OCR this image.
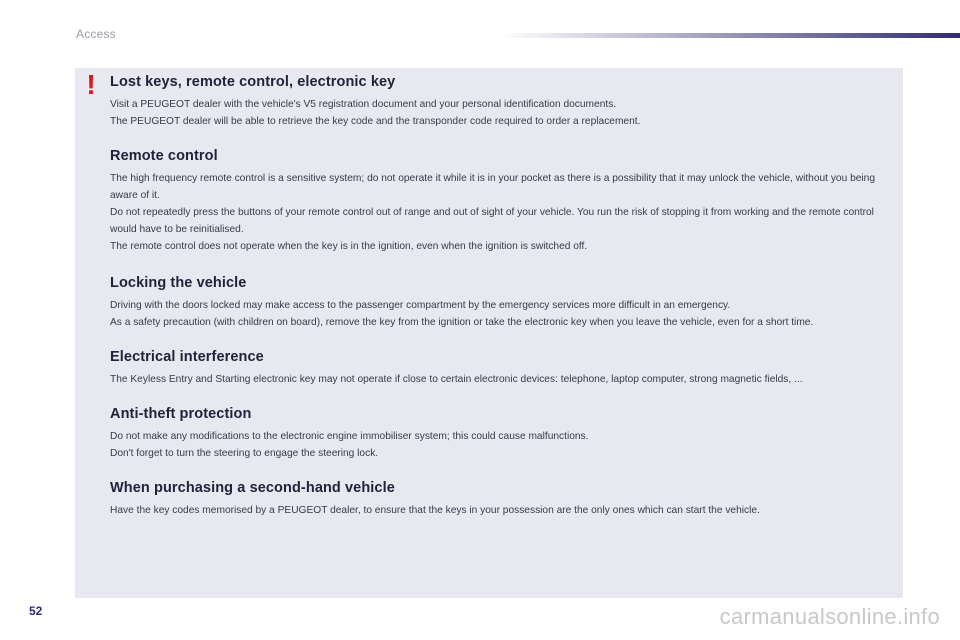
Access
! Lost keys, remote control, electronic key

Visit a PEUGEOT dealer with the vehicle's V5 registration document and your personal identification documents.

The PEUGEOT dealer will be able to retrieve the key code and the transponder code required to order a replacement.

Remote control

The high frequency remote control is a sensitive system; do not operate it while it is in your pocket as there is a possibility that it may unlock the vehicle, without you being aware of it.

Do not repeatedly press the buttons of your remote control out of range and out of sight of your vehicle. You run the risk of stopping it from working and the remote control would have to be reinitialised.

The remote control does not operate when the key is in the ignition, even when the ignition is switched off.

Locking the vehicle

Driving with the doors locked may make access to the passenger compartment by the emergency services more difficult in an emergency.

As a safety precaution (with children on board), remove the key from the ignition or take the electronic key when you leave the vehicle, even for a short time.

Electrical interference

The Keyless Entry and Starting electronic key may not operate if close to certain electronic devices: telephone, laptop computer, strong magnetic fields, ...

Anti-theft protection

Do not make any modifications to the electronic engine immobiliser system; this could cause malfunctions.

Don't forget to turn the steering to engage the steering lock.

When purchasing a second-hand vehicle

Have the key codes memorised by a PEUGEOT dealer, to ensure that the keys in your possession are the only ones which can start the vehicle.

52	carmanualsonline.info
